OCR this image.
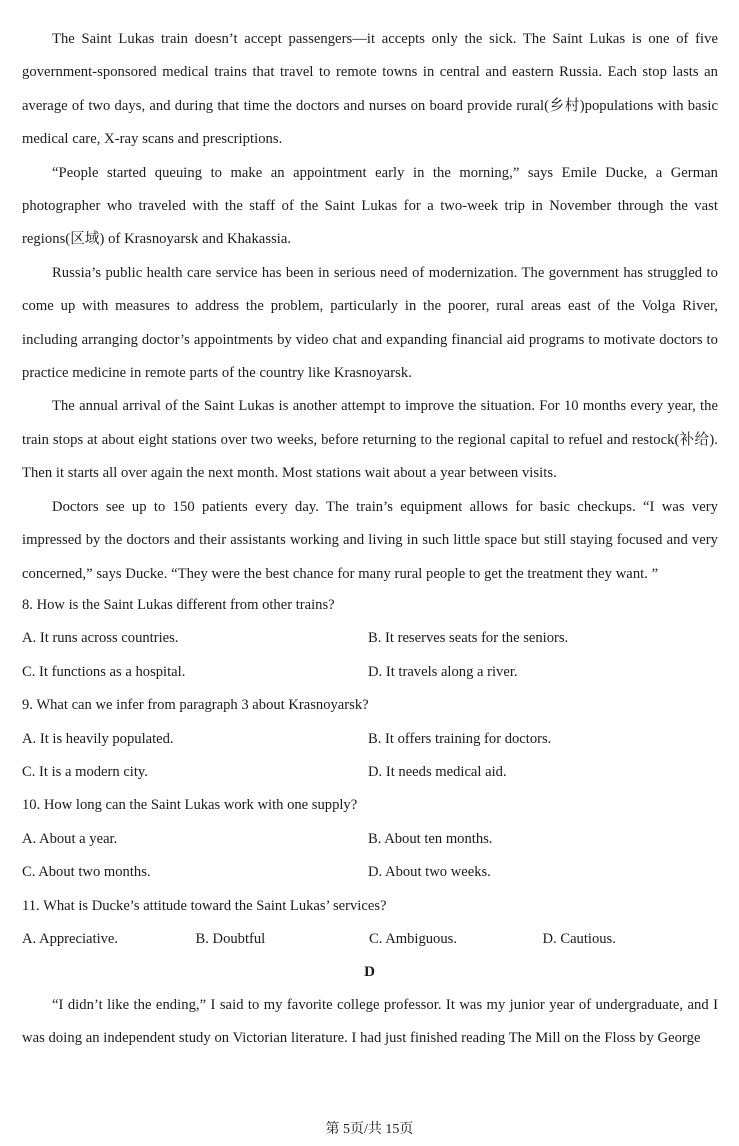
The Saint Lukas train doesn’t accept passengers—it accepts only the sick. The Saint Lukas is one of five government-sponsored medical trains that travel to remote towns in central and eastern Russia. Each stop lasts an average of two days, and during that time the doctors and nurses on board provide rural(乡村)populations with basic medical care, X-ray scans and prescriptions.

“People started queuing to make an appointment early in the morning,” says Emile Ducke, a German photographer who traveled with the staff of the Saint Lukas for a two-week trip in November through the vast regions(区域) of Krasnoyarsk and Khakassia.

Russia’s public health care service has been in serious need of modernization. The government has struggled to come up with measures to address the problem, particularly in the poorer, rural areas east of the Volga River, including arranging doctor’s appointments by video chat and expanding financial aid programs to motivate doctors to practice medicine in remote parts of the country like Krasnoyarsk.

The annual arrival of the Saint Lukas is another attempt to improve the situation. For 10 months every year, the train stops at about eight stations over two weeks, before returning to the regional capital to refuel and restock(补给). Then it starts all over again the next month. Most stations wait about a year between visits.

Doctors see up to 150 patients every day. The train’s equipment allows for basic checkups. “I was very impressed by the doctors and their assistants working and living in such little space but still staying focused and very concerned,” says Ducke. “They were the best chance for many rural people to get the treatment they want. ”

8. How is the Saint Lukas different from other trains?

A. It runs across countries.	B. It reserves seats for the seniors.
C. It functions as a hospital.	D. It travels along a river.

9. What can we infer from paragraph 3 about Krasnoyarsk?

A. It is heavily populated.	B. It offers training for doctors.
C. It is a modern city.	D. It needs medical aid.

10. How long can the Saint Lukas work with one supply?

A. About a year.	B. About ten months.
C. About two months.	D. About two weeks.

11. What is Ducke’s attitude toward the Saint Lukas’ services?

A. Appreciative.	B. Doubtful	C. Ambiguous.	D. Cautious.
D

“I didn’t like the ending,” I said to my favorite college professor. It was my junior year of undergraduate, and I was doing an independent study on Victorian literature. I had just finished reading The Mill on the Floss by George

第 5页/共 15页
